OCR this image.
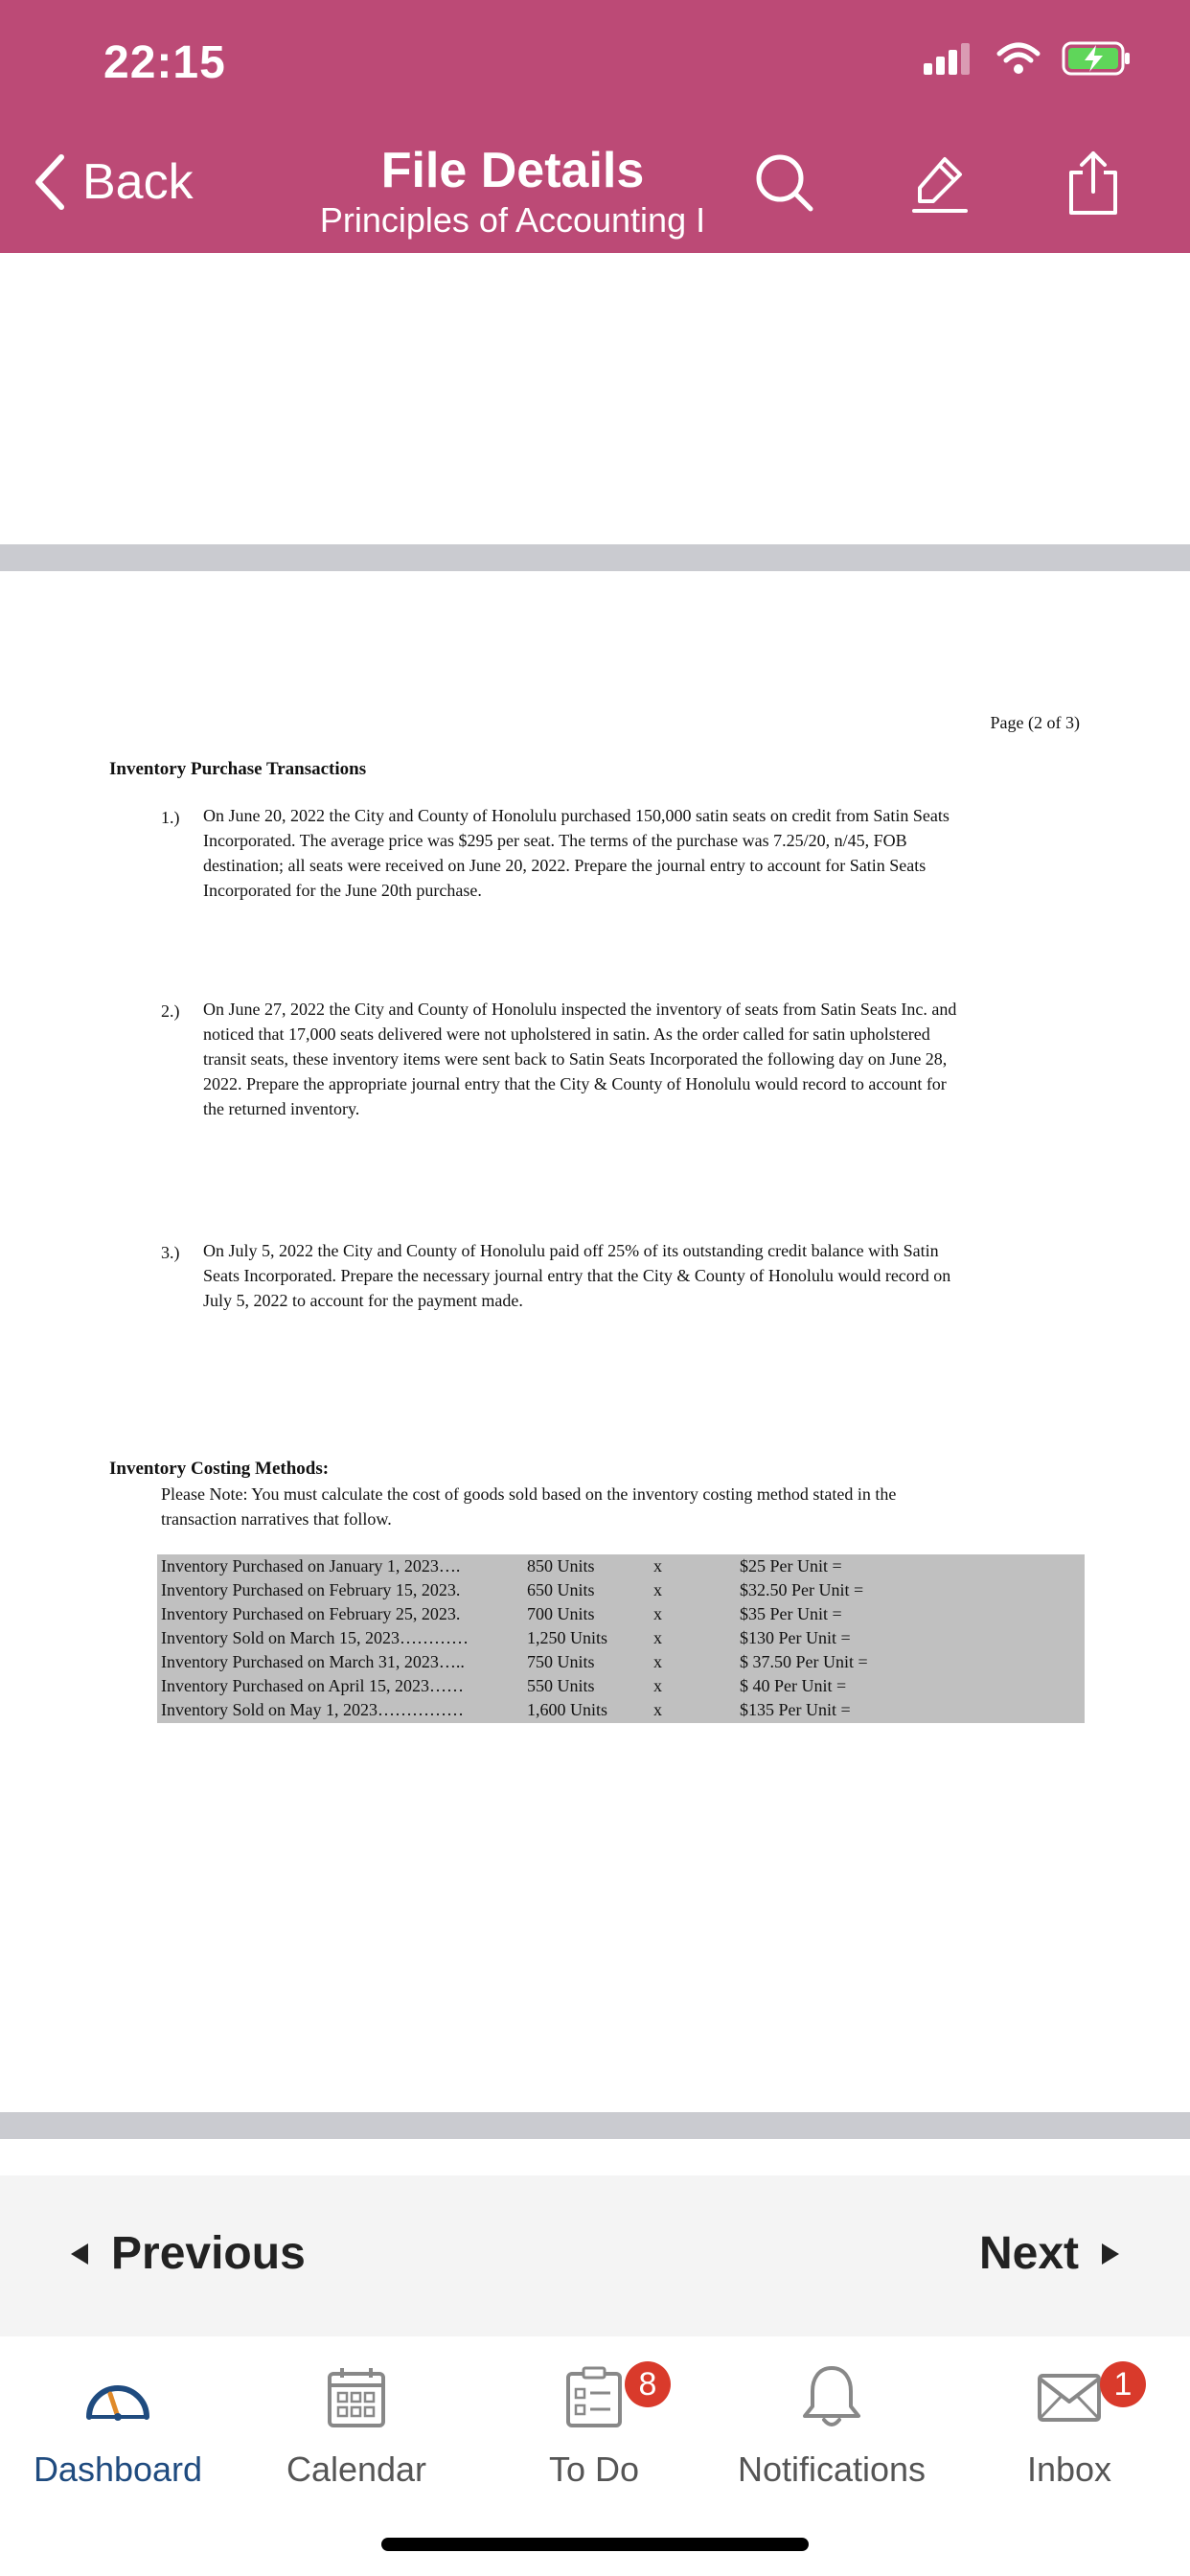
22:15
Back	File Details
Principles of Accounting I
Page (2 of 3)
Inventory Purchase Transactions
1.)	On June 20, 2022 the City and County of Honolulu purchased 150,000 satin seats on credit from Satin Seats
Incorporated. The average price was $295 per seat. The terms of the purchase was 7.25/20, n/45, FOB
destination; all seats were received on June 20, 2022. Prepare the journal entry to account for Satin Seats
Incorporated for the June 20th purchase.
2.)	On June 27, 2022 the City and County of Honolulu inspected the inventory of seats from Satin Seats Inc. and
noticed that 17,000 seats delivered were not upholstered in satin. As the order called for satin upholstered
transit seats, these inventory items were sent back to Satin Seats Incorporated the following day on June 28,
2022. Prepare the appropriate journal entry that the City & County of Honolulu would record to account for
the returned inventory.
3.)	On July 5, 2022 the City and County of Honolulu paid off 25% of its outstanding credit balance with Satin
Seats Incorporated. Prepare the necessary journal entry that the City & County of Honolulu would record on
July 5, 2022 to account for the payment made.
Inventory Costing Methods:
Please Note: You must calculate the cost of goods sold based on the inventory costing method stated in the
transaction narratives that follow.
Inventory Purchased on January 1, 2023….	850 Units	x	$25 Per Unit =
Inventory Purchased on February 15, 2023.	650 Units	x	$32.50 Per Unit =
Inventory Purchased on February 25, 2023.	700 Units	x	$35 Per Unit =
Inventory Sold on March 15, 2023…………	1,250 Units	x	$130 Per Unit =
Inventory Purchased on March 31, 2023…..	750 Units	x	$ 37.50 Per Unit =
Inventory Purchased on April 15, 2023……	550 Units	x	$ 40 Per Unit =
Inventory Sold on May 1, 2023……………	1,600 Units	x	$135 Per Unit =
Previous	Next
Dashboard	Calendar
8
To Do	Notifications
1
Inbox
